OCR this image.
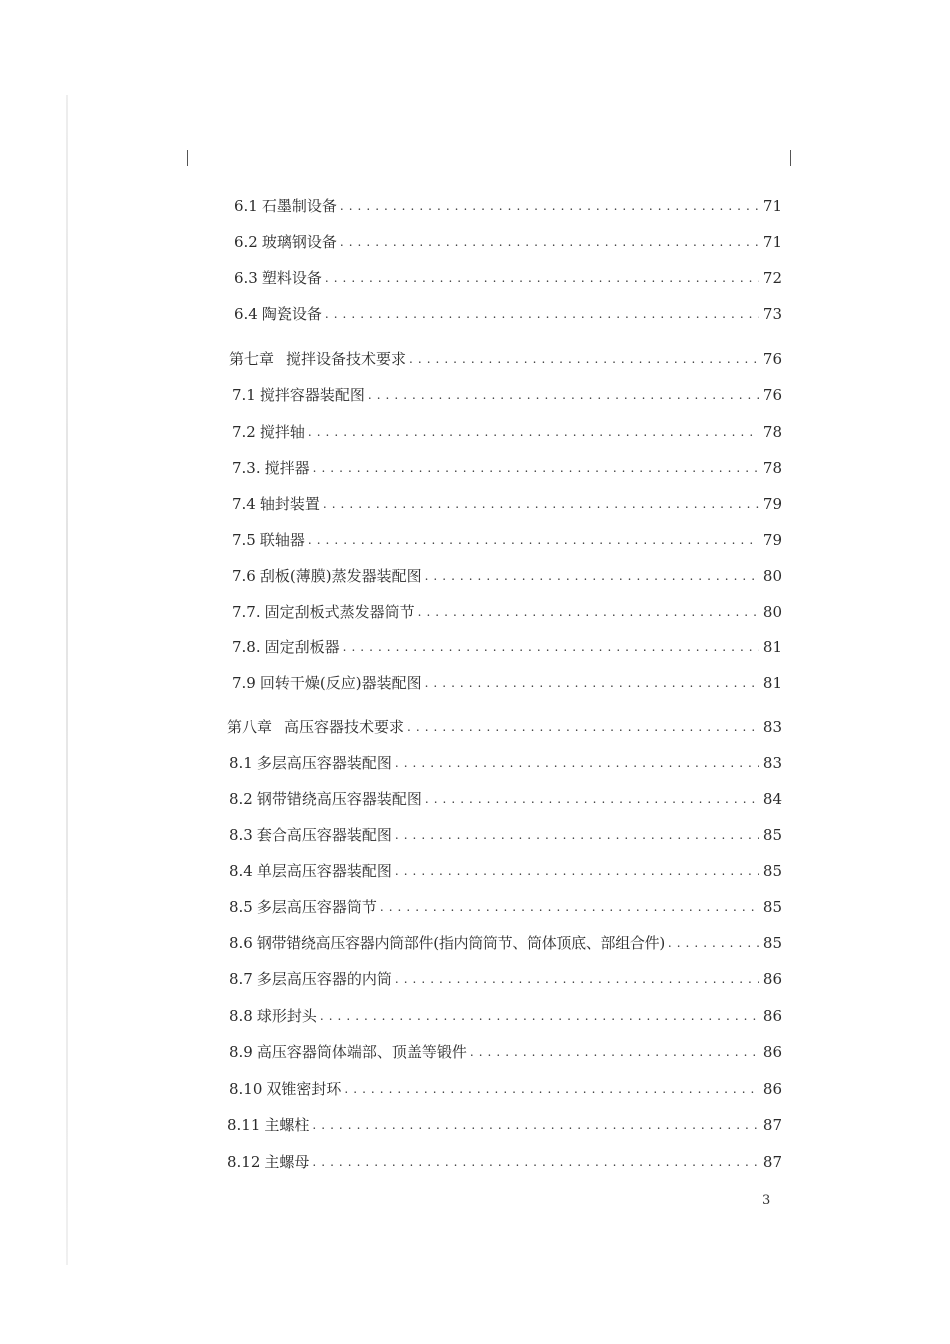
6.1 石墨制设备 . . .	71
6.2 玻璃钢设备 . . .	71
6.3 塑料设备 . . .	72
6.4 陶瓷设备 . . .	73
第七章 搅拌设备技术要求 . . .	76
7.1 搅拌容器装配图 . . .	76
7.2 搅拌轴 . . .	78
7.3. 搅拌器 . . .	78
7.4 轴封装置 . . .	79
7.5 联轴器 . . .	79
7.6 刮板(薄膜)蒸发器装配图 . . .	80
7.7. 固定刮板式蒸发器筒节 . . .	80
7.8. 固定刮板器 . . .	81
7.9 回转干燥(反应)器装配图 . . .	81
第八章 高压容器技术要求 . . .	83
8.1 多层高压容器装配图 . . .	83
8.2 钢带错绕高压容器装配图 . . .	84
8.3 套合高压容器装配图 . . .	85
8.4 单层高压容器装配图 . . .	85
8.5 多层高压容器筒节 . . .	85
8.6 钢带错绕高压容器内筒部件(指内筒筒节、筒体顶底、部组合件) . . .	85
8.7 多层高压容器的内筒 . . .	86
8.8 球形封头 . . .	86
8.9 高压容器筒体端部、顶盖等锻件 . . .	86
8.10 双锥密封环 . . .	86
8.11 主螺柱 . . .	87
8.12 主螺母 . . .	87
3
